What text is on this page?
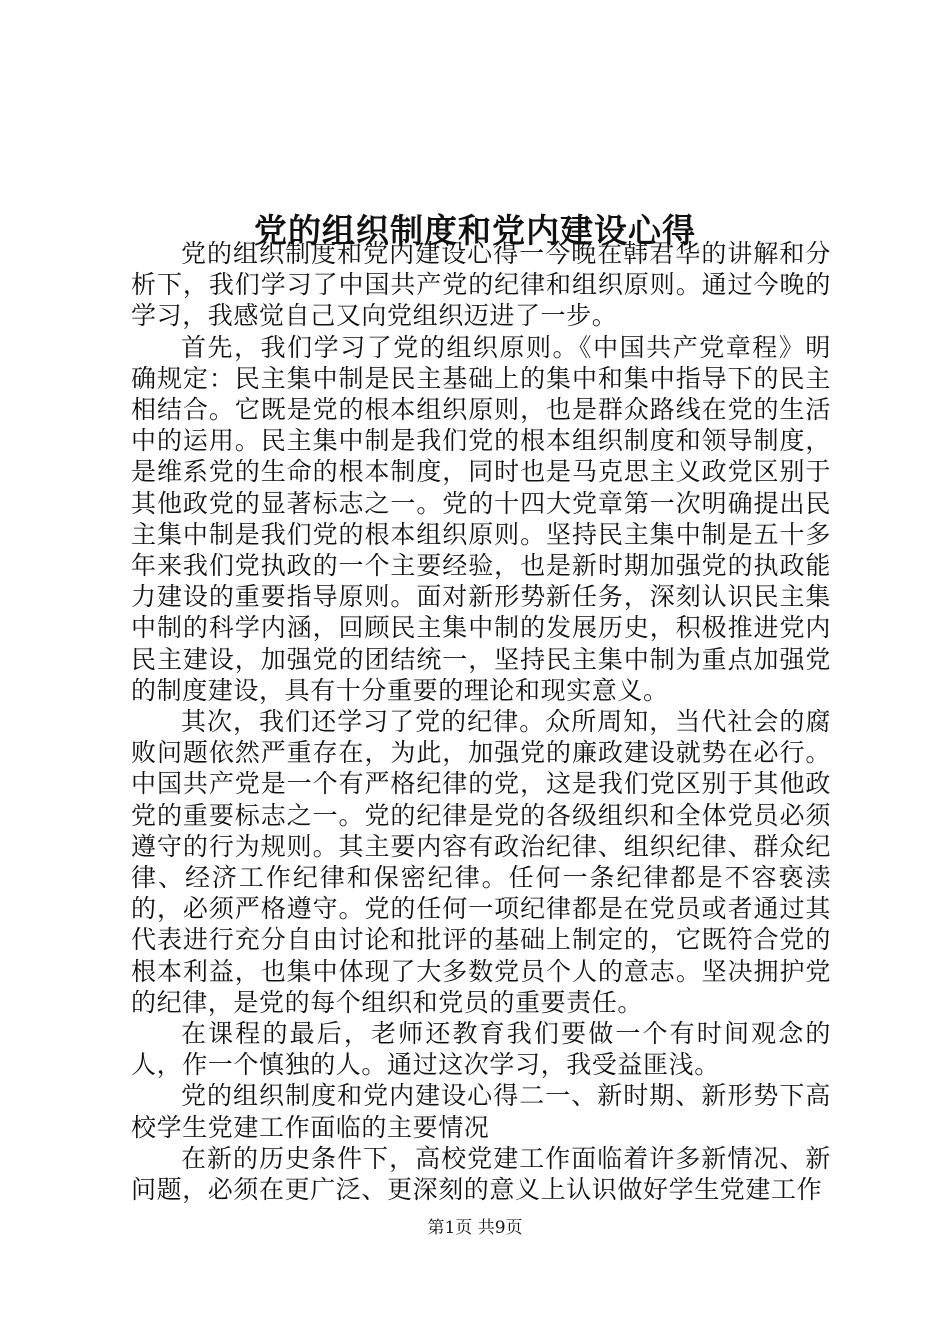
党的组织制度和党内建设心得

党的组织制度和党内建设心得一今晚在韩君华的讲解和分析下，我们学习了中国共产党的纪律和组织原则。通过今晚的学习，我感觉自己又向党组织迈进了一步。

首先，我们学习了党的组织原则。《中国共产党章程》明确规定：民主集中制是民主基础上的集中和集中指导下的民主相结合。它既是党的根本组织原则，也是群众路线在党的生活中的运用。民主集中制是我们党的根本组织制度和领导制度，是维系党的生命的根本制度，同时也是马克思主义政党区别于其他政党的显著标志之一。党的十四大党章第一次明确提出民主集中制是我们党的根本组织原则。坚持民主集中制是五十多年来我们党执政的一个主要经验，也是新时期加强党的执政能力建设的重要指导原则。面对新形势新任务，深刻认识民主集中制的科学内涵，回顾民主集中制的发展历史，积极推进党内民主建设，加强党的团结统一，坚持民主集中制为重点加强党的制度建设，具有十分重要的理论和现实意义。

其次，我们还学习了党的纪律。众所周知，当代社会的腐败问题依然严重存在，为此，加强党的廉政建设就势在必行。中国共产党是一个有严格纪律的党，这是我们党区别于其他政党的重要标志之一。党的纪律是党的各级组织和全体党员必须遵守的行为规则。其主要内容有政治纪律、组织纪律、群众纪律、经济工作纪律和保密纪律。任何一条纪律都是不容亵渎的，必须严格遵守。党的任何一项纪律都是在党员或者通过其代表进行充分自由讨论和批评的基础上制定的，它既符合党的根本利益，也集中体现了大多数党员个人的意志。坚决拥护党的纪律，是党的每个组织和党员的重要责任。

在课程的最后，老师还教育我们要做一个有时间观念的人，作一个慎独的人。通过这次学习，我受益匪浅。

党的组织制度和党内建设心得二一、新时期、新形势下高校学生党建工作面临的主要情况

在新的历史条件下，高校党建工作面临着许多新情况、新问题，必须在更广泛、更深刻的意义上认识做好学生党建工作

第1页 共9页
